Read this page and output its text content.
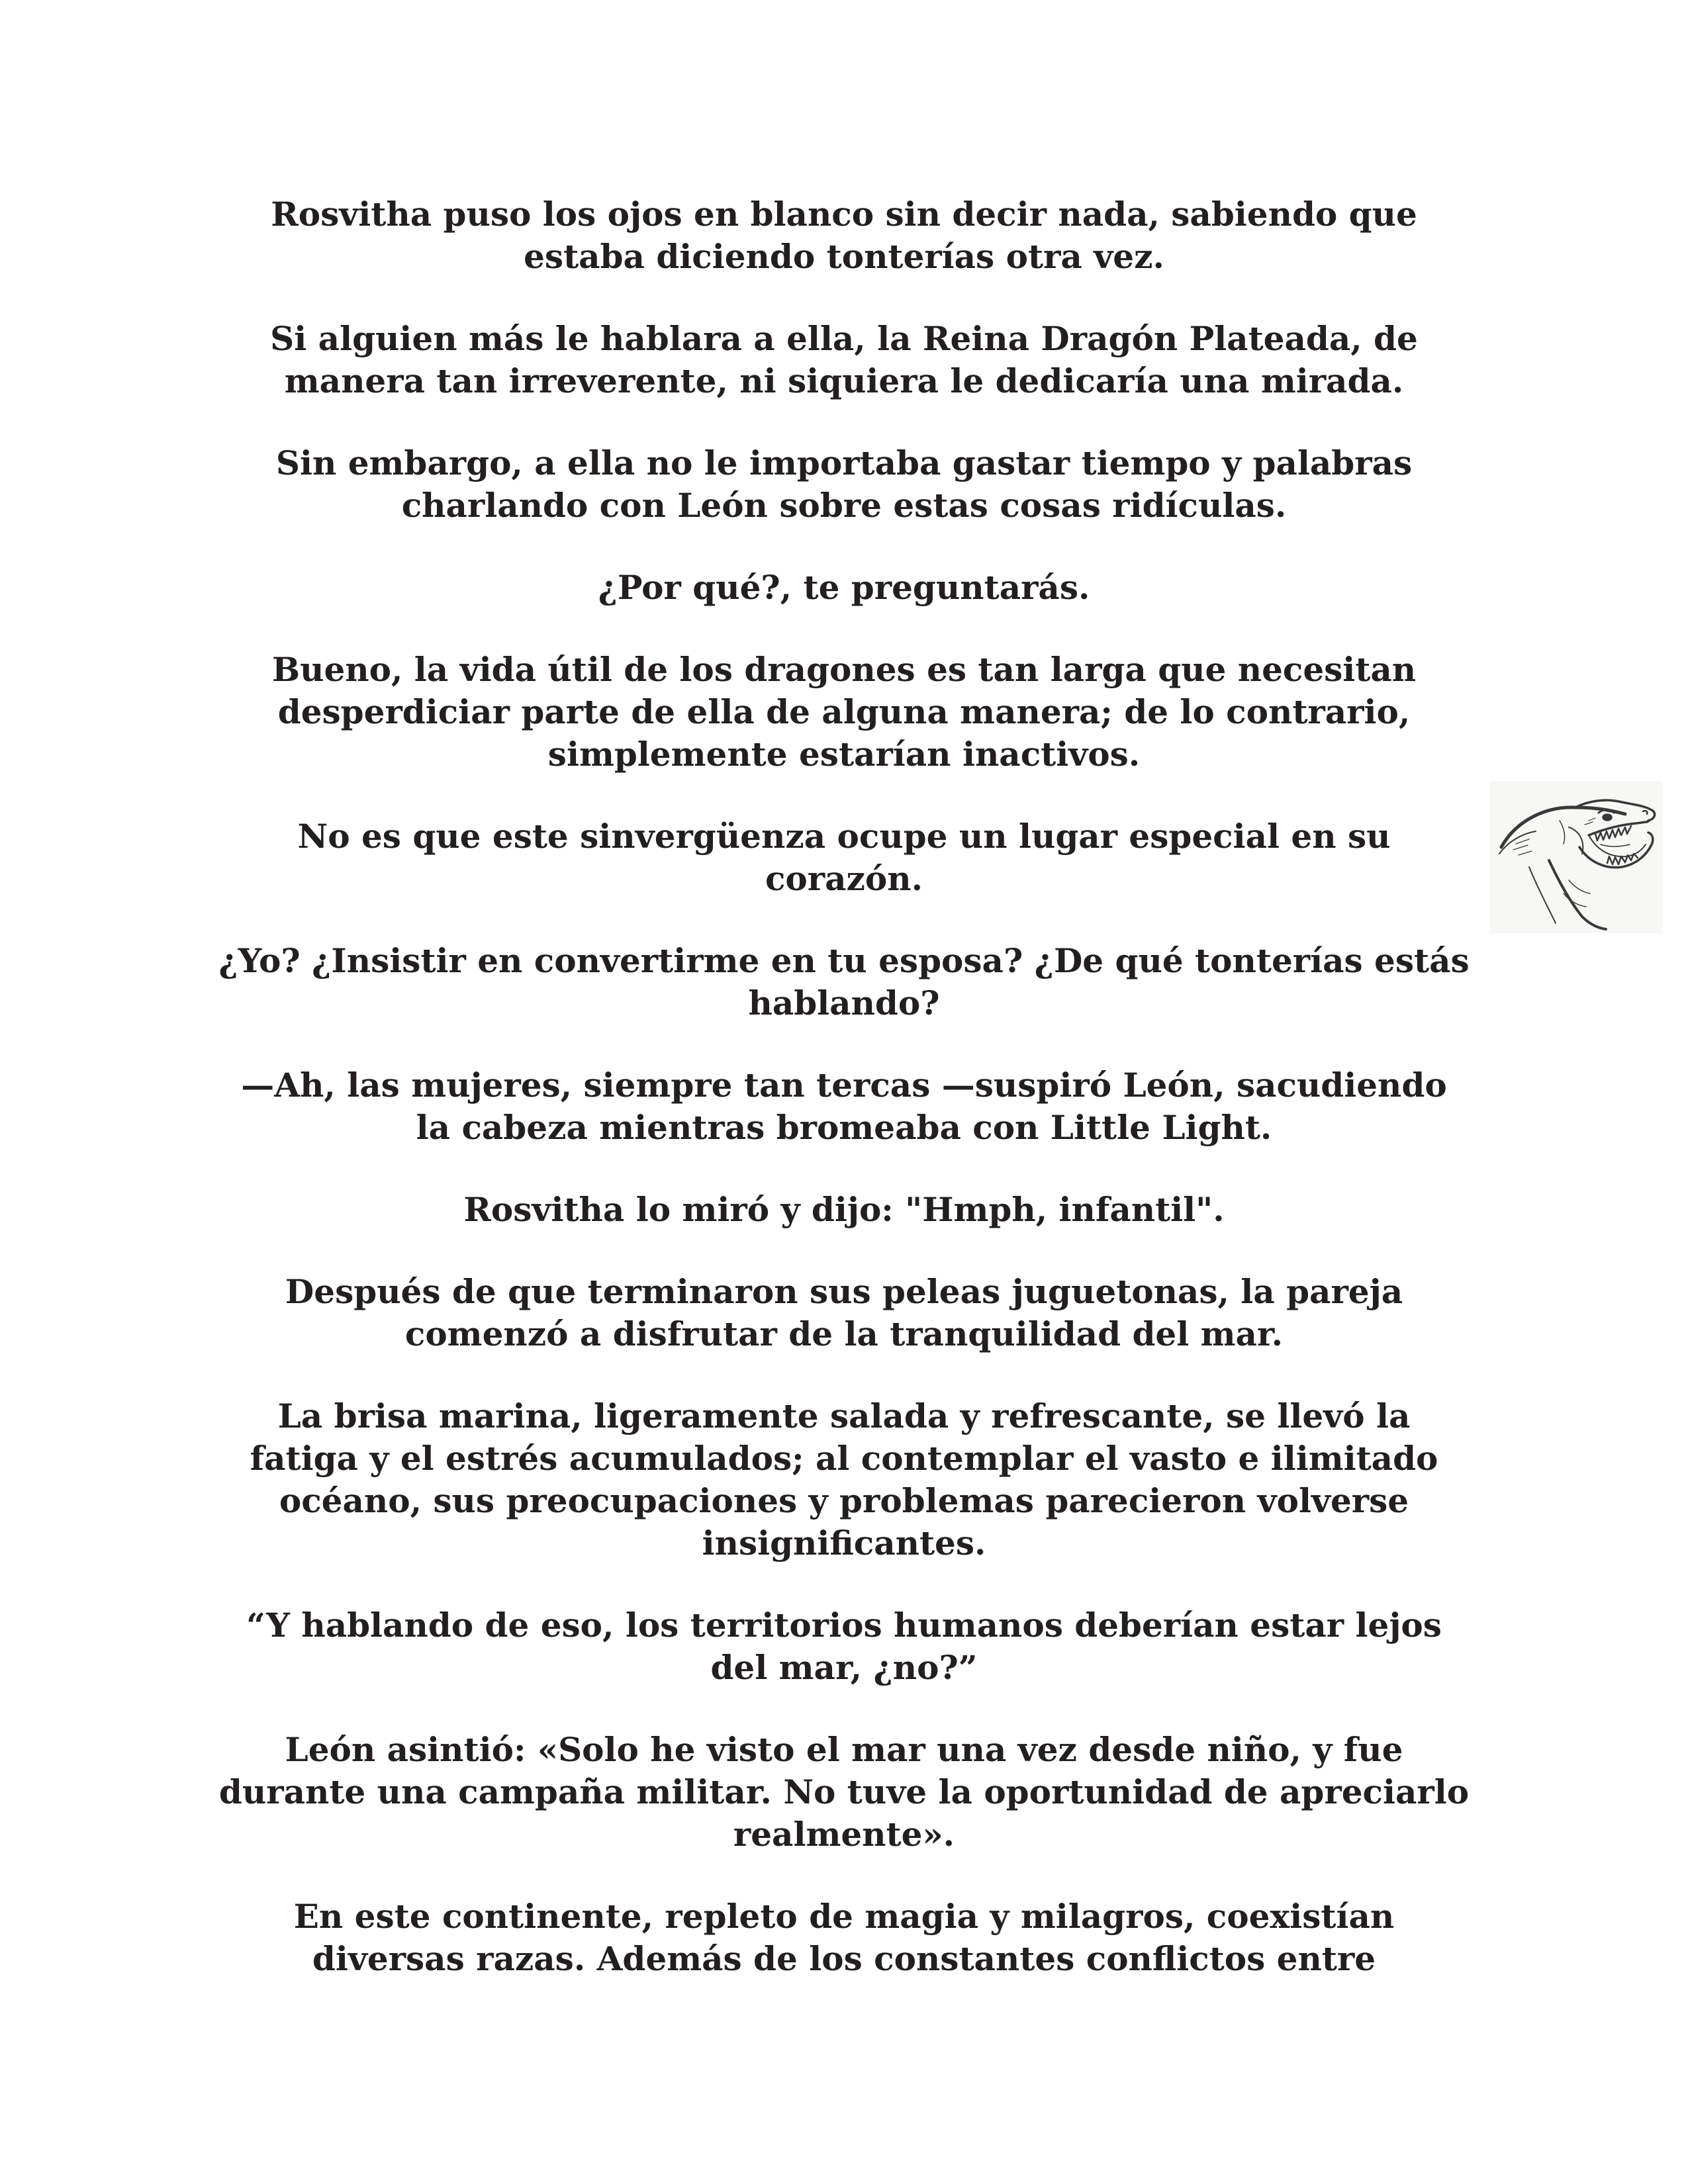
Rosvitha puso los ojos en blanco sin decir nada, sabiendo que estaba diciendo tonterías otra vez.

Si alguien más le hablara a ella, la Reina Dragón Plateada, de manera tan irreverente, ni siquiera le dedicaría una mirada.

Sin embargo, a ella no le importaba gastar tiempo y palabras charlando con León sobre estas cosas ridículas.

¿Por qué?, te preguntarás.

Bueno, la vida útil de los dragones es tan larga que necesitan desperdiciar parte de ella de alguna manera; de lo contrario, simplemente estarían inactivos.

No es que este sinvergüenza ocupe un lugar especial en su corazón.

¿Yo? ¿Insistir en convertirme en tu esposa? ¿De qué tonterías estás hablando?

—Ah, las mujeres, siempre tan tercas —suspiró León, sacudiendo la cabeza mientras bromeaba con Little Light.

Rosvitha lo miró y dijo: "Hmph, infantil".

Después de que terminaron sus peleas juguetonas, la pareja comenzó a disfrutar de la tranquilidad del mar.

La brisa marina, ligeramente salada y refrescante, se llevó la fatiga y el estrés acumulados; al contemplar el vasto e ilimitado océano, sus preocupaciones y problemas parecieron volverse insignificantes.

“Y hablando de eso, los territorios humanos deberían estar lejos del mar, ¿no?”

León asintió: «Solo he visto el mar una vez desde niño, y fue durante una campaña militar. No tuve la oportunidad de apreciarlo realmente».

En este continente, repleto de magia y milagros, coexistían diversas razas. Además de los constantes conflictos entre
